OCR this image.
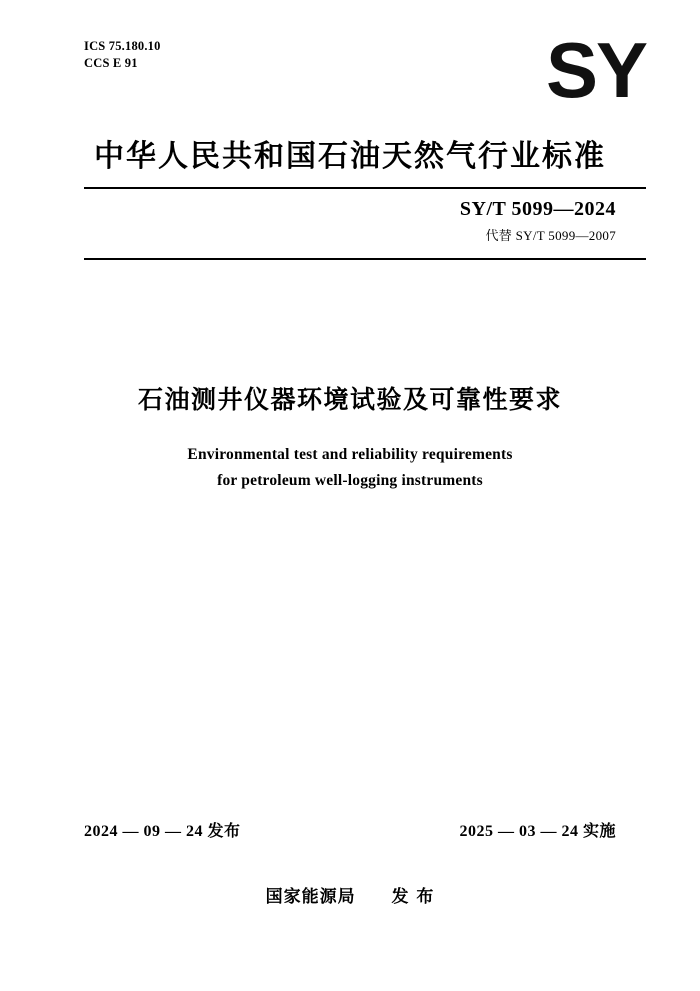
ICS 75.180.10
CCS E 91	SY
中华人民共和国石油天然气行业标准
SY/T 5099—2024
代替 SY/T 5099—2007
石油测井仪器环境试验及可靠性要求
Environmental test and reliability requirements
for petroleum well-logging instruments
2024 — 09 — 24 发布	2025 — 03 — 24 实施
国家能源局 发 布
